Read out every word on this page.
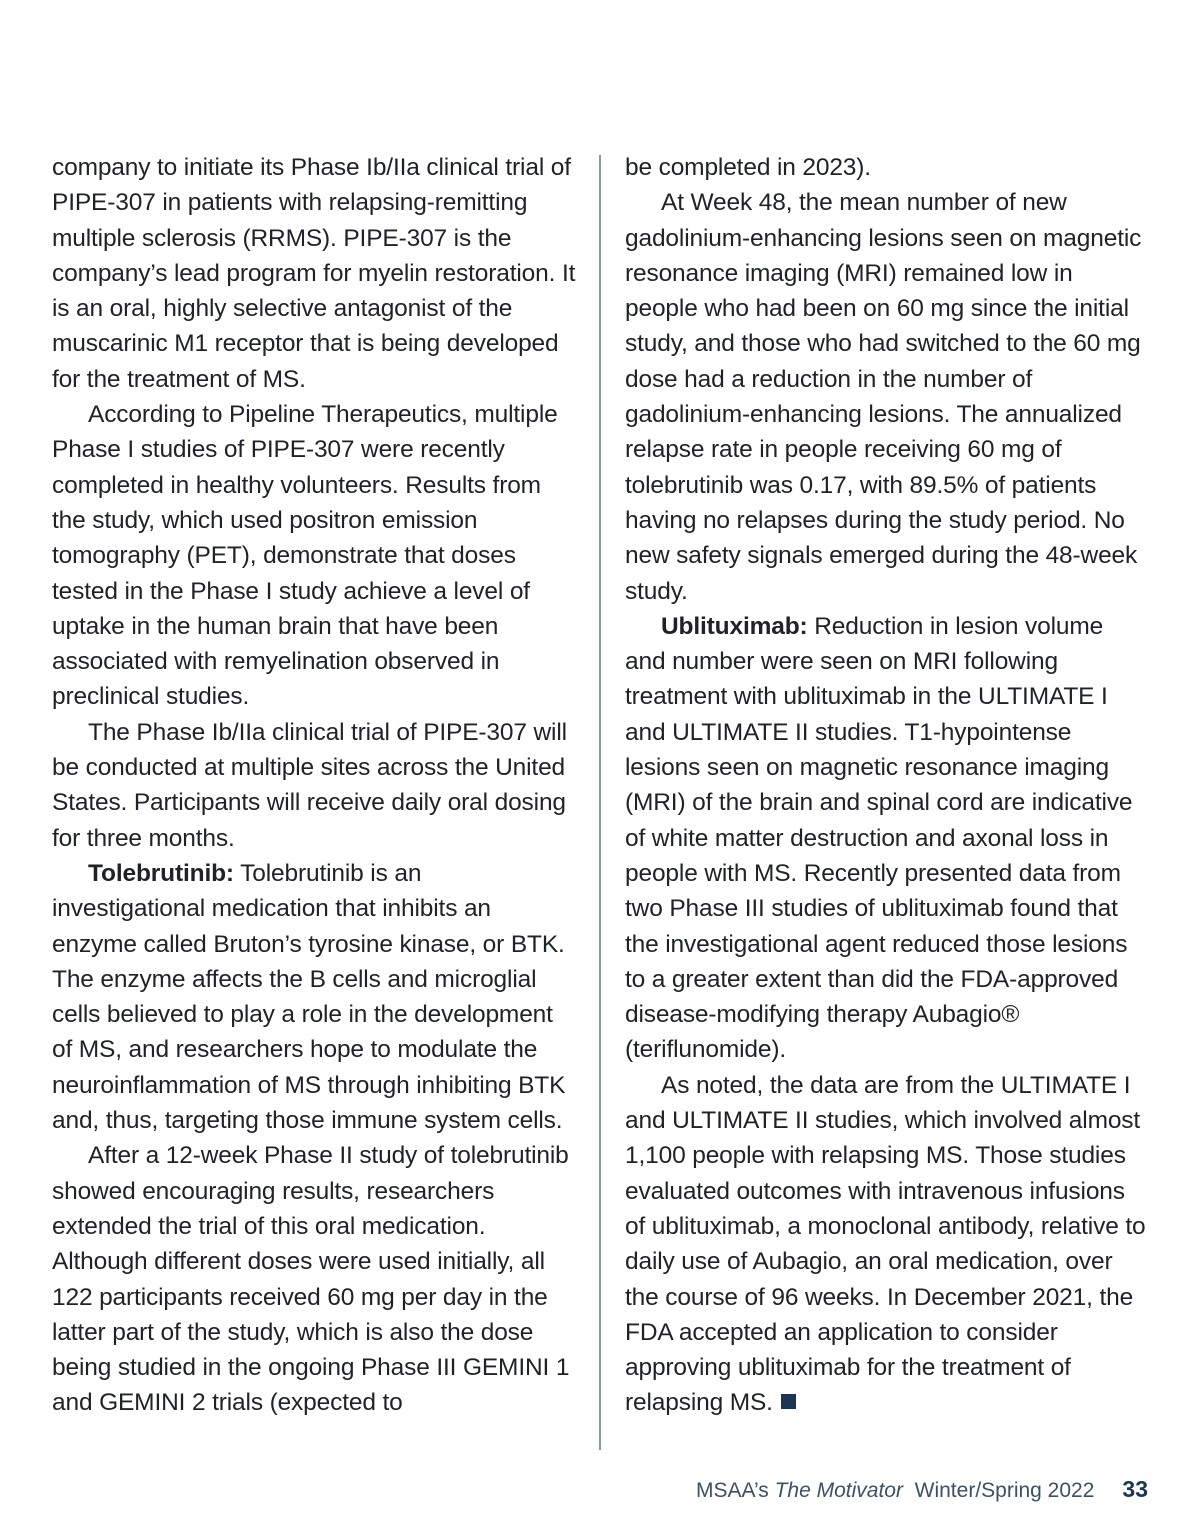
company to initiate its Phase Ib/IIa clinical trial of PIPE-307 in patients with relapsing-remitting multiple sclerosis (RRMS). PIPE-307 is the company’s lead program for myelin restoration. It is an oral, highly selective antagonist of the muscarinic M1 receptor that is being developed for the treatment of MS.

According to Pipeline Therapeutics, multiple Phase I studies of PIPE-307 were recently completed in healthy volunteers. Results from the study, which used positron emission tomography (PET), demonstrate that doses tested in the Phase I study achieve a level of uptake in the human brain that have been associated with remyelination observed in preclinical studies.

The Phase Ib/IIa clinical trial of PIPE-307 will be conducted at multiple sites across the United States. Participants will receive daily oral dosing for three months.

Tolebrutinib: Tolebrutinib is an investigational medication that inhibits an enzyme called Bruton’s tyrosine kinase, or BTK. The enzyme affects the B cells and microglial cells believed to play a role in the development of MS, and researchers hope to modulate the neuroinflammation of MS through inhibiting BTK and, thus, targeting those immune system cells.

After a 12-week Phase II study of tolebrutinib showed encouraging results, researchers extended the trial of this oral medication. Although different doses were used initially, all 122 participants received 60 mg per day in the latter part of the study, which is also the dose being studied in the ongoing Phase III GEMINI 1 and GEMINI 2 trials (expected to

be completed in 2023).

At Week 48, the mean number of new gadolinium-enhancing lesions seen on magnetic resonance imaging (MRI) remained low in people who had been on 60 mg since the initial study, and those who had switched to the 60 mg dose had a reduction in the number of gadolinium-enhancing lesions. The annualized relapse rate in people receiving 60 mg of tolebrutinib was 0.17, with 89.5% of patients having no relapses during the study period. No new safety signals emerged during the 48-week study.

Ublituximab: Reduction in lesion volume and number were seen on MRI following treatment with ublituximab in the ULTIMATE I and ULTIMATE II studies. T1-hypointense lesions seen on magnetic resonance imaging (MRI) of the brain and spinal cord are indicative of white matter destruction and axonal loss in people with MS. Recently presented data from two Phase III studies of ublituximab found that the investigational agent reduced those lesions to a greater extent than did the FDA-approved disease-modifying therapy Aubagio® (teriflunomide).

As noted, the data are from the ULTIMATE I and ULTIMATE II studies, which involved almost 1,100 people with relapsing MS. Those studies evaluated outcomes with intravenous infusions of ublituximab, a monoclonal antibody, relative to daily use of Aubagio, an oral medication, over the course of 96 weeks. In December 2021, the FDA accepted an application to consider approving ublituximab for the treatment of relapsing MS.

MSAA’s The Motivator Winter/Spring 2022 33
